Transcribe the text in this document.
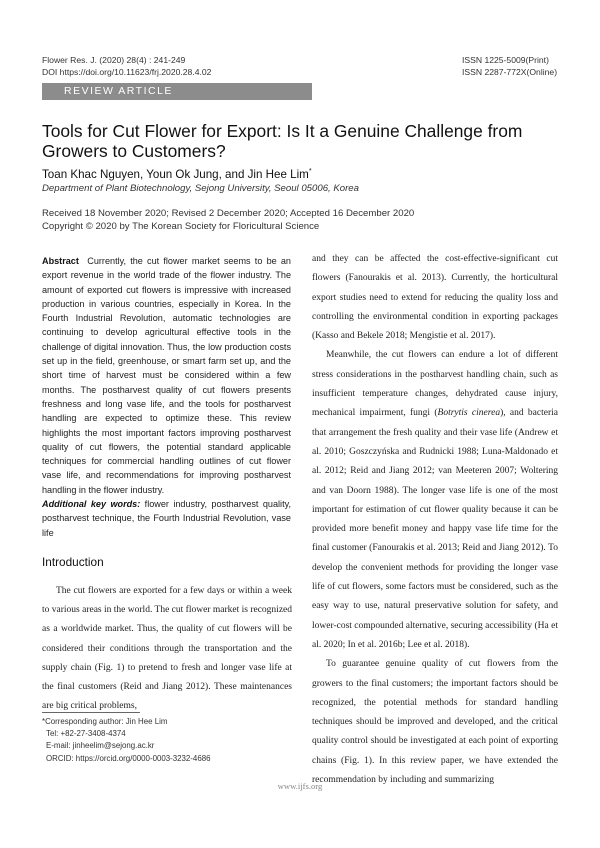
Flower Res. J. (2020) 28(4) : 241-249
DOI https://doi.org/10.11623/frj.2020.28.4.02
ISSN 1225-5009(Print)
ISSN 2287-772X(Online)
REVIEW ARTICLE
Tools for Cut Flower for Export: Is It a Genuine Challenge from Growers to Customers?
Toan Khac Nguyen, Youn Ok Jung, and Jin Hee Lim*
Department of Plant Biotechnology, Sejong University, Seoul 05006, Korea
Received 18 November 2020; Revised 2 December 2020; Accepted 16 December 2020
Copyright © 2020 by The Korean Society for Floricultural Science
Abstract Currently, the cut flower market seems to be an export revenue in the world trade of the flower industry. The amount of exported cut flowers is impressive with increased production in various countries, especially in Korea. In the Fourth Industrial Revolution, automatic technologies are continuing to develop agricultural effective tools in the challenge of digital innovation. Thus, the low production costs set up in the field, greenhouse, or smart farm set up, and the short time of harvest must be considered within a few months. The postharvest quality of cut flowers presents freshness and long vase life, and the tools for postharvest handling are expected to optimize these. This review highlights the most important factors improving postharvest quality of cut flowers, the potential standard applicable techniques for commercial handling outlines of cut flower vase life, and recommendations for improving postharvest handling in the flower industry.
Additional key words: flower industry, postharvest quality, postharvest technique, the Fourth Industrial Revolution, vase life
Introduction

The cut flowers are exported for a few days or within a week to various areas in the world. The cut flower market is recognized as a worldwide market. Thus, the quality of cut flowers will be considered their conditions through the transportation and the supply chain (Fig. 1) to pretend to fresh and longer vase life at the final customers (Reid and Jiang 2012). These maintenances are big critical problems,

and they can be affected the cost-effective-significant cut flowers (Fanourakis et al. 2013). Currently, the horticultural export studies need to extend for reducing the quality loss and controlling the environmental condition in exporting packages (Kasso and Bekele 2018; Mengistie et al. 2017).

Meanwhile, the cut flowers can endure a lot of different stress considerations in the postharvest handling chain, such as insufficient temperature changes, dehydrated cause injury, mechanical impairment, fungi (Botrytis cinerea), and bacteria that arrangement the fresh quality and their vase life (Andrew et al. 2010; Goszczyńska and Rudnicki 1988; Luna-Maldonado et al. 2012; Reid and Jiang 2012; van Meeteren 2007; Woltering and van Doorn 1988). The longer vase life is one of the most important for estimation of cut flower quality because it can be provided more benefit money and happy vase life time for the final customer (Fanourakis et al. 2013; Reid and Jiang 2012). To develop the convenient methods for providing the longer vase life of cut flowers, some factors must be considered, such as the easy way to use, natural preservative solution for safety, and lower-cost compounded alternative, securing accessibility (Ha et al. 2020; In et al. 2016b; Lee et al. 2018).

To guarantee genuine quality of cut flowers from the growers to the final customers; the important factors should be recognized, the potential methods for standard handling techniques should be improved and developed, and the critical quality control should be investigated at each point of exporting chains (Fig. 1). In this review paper, we have extended the recommendation by including and summarizing

*Corresponding author: Jin Hee Lim
Tel: +82-27-3408-4374
E-mail: jinheelim@sejong.ac.kr
ORCID: https://orcid.org/0000-0003-3232-4686
www.ijfs.org
